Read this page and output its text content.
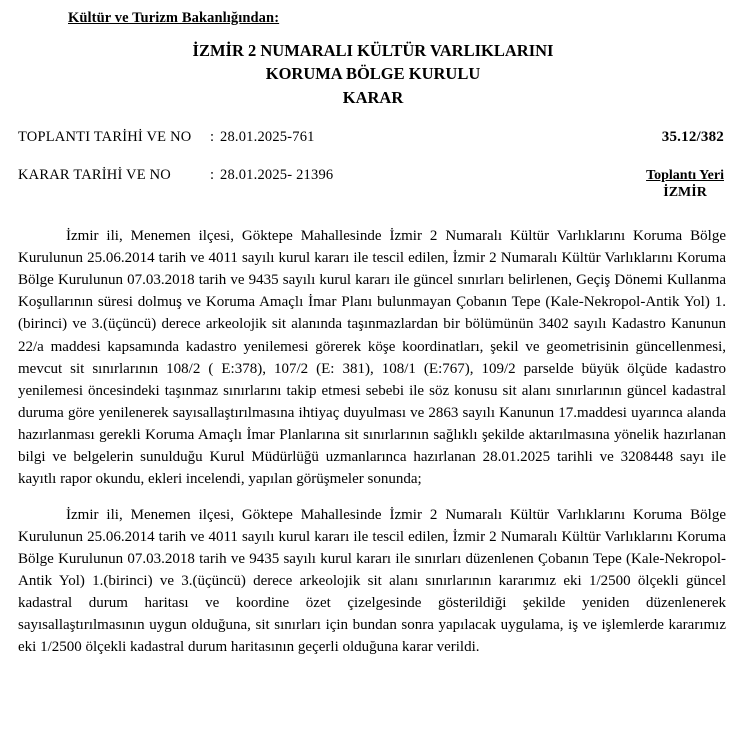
Kültür ve Turizm Bakanlığından:
İZMİR 2 NUMARALI KÜLTÜR VARLIKLARINI
KORUMA BÖLGE KURULU
KARAR
TOPLANTI TARİHİ VE NO	: 28.01.2025-761
KARAR TARİHİ VE NO	: 28.01.2025- 21396
35.12/382
Toplantı Yeri
İZMİR

İzmir ili, Menemen ilçesi, Göktepe Mahallesinde İzmir 2 Numaralı Kültür Varlıklarını Koruma Bölge Kurulunun 25.06.2014 tarih ve 4011 sayılı kurul kararı ile tescil edilen, İzmir 2 Numaralı Kültür Varlıklarını Koruma Bölge Kurulunun 07.03.2018 tarih ve 9435 sayılı kurul kararı ile güncel sınırları belirlenen, Geçiş Dönemi Kullanma Koşullarının süresi dolmuş ve Koruma Amaçlı İmar Planı bulunmayan Çobanın Tepe (Kale-Nekropol-Antik Yol) 1.(birinci) ve 3.(üçüncü) derece arkeolojik sit alanında taşınmazlardan bir bölümünün 3402 sayılı Kadastro Kanunun 22/a maddesi kapsamında kadastro yenilemesi görerek köşe koordinatları, şekil ve geometrisinin güncellenmesi, mevcut sit sınırlarının 108/2 ( E:378), 107/2 (E: 381), 108/1 (E:767), 109/2 parselde büyük ölçüde kadastro yenilemesi öncesindeki taşınmaz sınırlarını takip etmesi sebebi ile söz konusu sit alanı sınırlarının güncel kadastral duruma göre yenilenerek sayısallaştırılmasına ihtiyaç duyulması ve 2863 sayılı Kanunun 17.maddesi uyarınca alanda hazırlanması gerekli Koruma Amaçlı İmar Planlarına sit sınırlarının sağlıklı şekilde aktarılmasına yönelik hazırlanan bilgi ve belgelerin sunulduğu Kurul Müdürlüğü uzmanlarınca hazırlanan 28.01.2025 tarihli ve 3208448 sayı ile kayıtlı rapor okundu, ekleri incelendi, yapılan görüşmeler sonunda;

İzmir ili, Menemen ilçesi, Göktepe Mahallesinde İzmir 2 Numaralı Kültür Varlıklarını Koruma Bölge Kurulunun 25.06.2014 tarih ve 4011 sayılı kurul kararı ile tescil edilen, İzmir 2 Numaralı Kültür Varlıklarını Koruma Bölge Kurulunun 07.03.2018 tarih ve 9435 sayılı kurul kararı ile sınırları düzenlenen Çobanın Tepe (Kale-Nekropol-Antik Yol) 1.(birinci) ve 3.(üçüncü) derece arkeolojik sit alanı sınırlarının kararımız eki 1/2500 ölçekli güncel kadastral durum haritası ve koordine özet çizelgesinde gösterildiği şekilde yeniden düzenlenerek sayısallaştırılmasının uygun olduğuna, sit sınırları için bundan sonra yapılacak uygulama, iş ve işlemlerde kararımız eki 1/2500 ölçekli kadastral durum haritasının geçerli olduğuna karar verildi.
